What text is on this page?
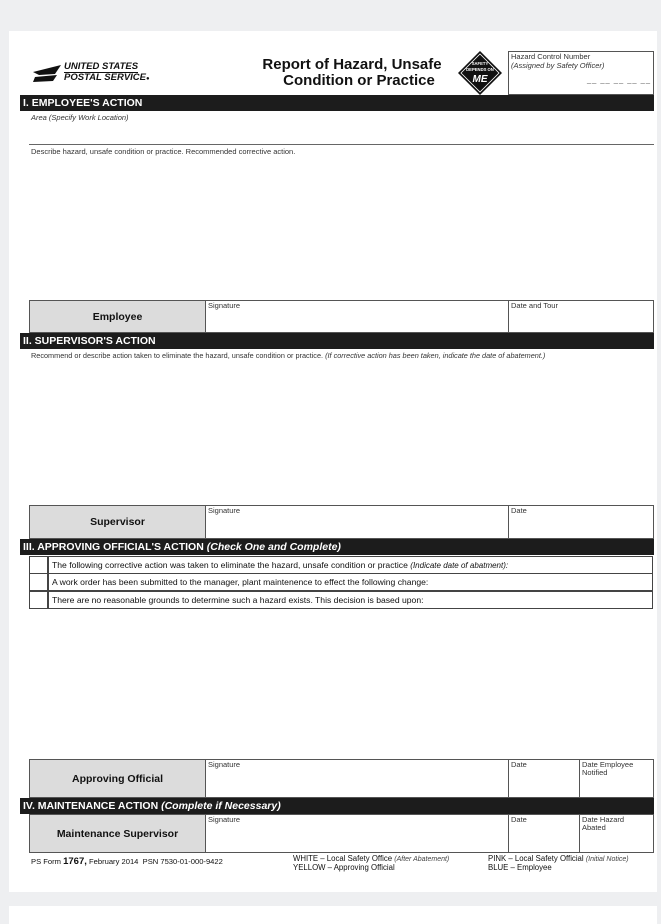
UNITED STATES
POSTAL SERVICE●
Report of Hazard, Unsafe
Condition or Practice
SAFETY
DEPENDS ON
ME
Hazard Control Number
(Assigned by Safety Officer)
__ __ __ __ __
I. EMPLOYEE'S ACTION
Area (Specify Work Location)
Describe hazard, unsafe condition or practice. Recommended corrective action.
Employee
Signature	Date and Tour
II. SUPERVISOR'S ACTION
Recommend or describe action taken to eliminate the hazard, unsafe condition or practice. (If corrective action has been taken, indicate the date of abatement.)
Supervisor
Signature	Date
III. APPROVING OFFICIAL'S ACTION (Check One and Complete)
The following corrective action was taken to eliminate the hazard, unsafe condition or practice (Indicate date of abatment):
A work order has been submitted to the manager, plant maintenence to effect the following change:
There are no reasonable grounds to determine such a hazard exists. This decision is based upon:
Approving Official
Signature	Date	Date Employee
Notified
IV. MAINTENANCE ACTION (Complete if Necessary)
Maintenance Supervisor
Signature	Date	Date Hazard
Abated
PS Form 1767, February 2014 PSN 7530-01-000-9422	WHITE – Local Safety Office (After Abatement)
YELLOW – Approving Official
PINK – Local Safety Official (Initial Notice)
BLUE – Employee
